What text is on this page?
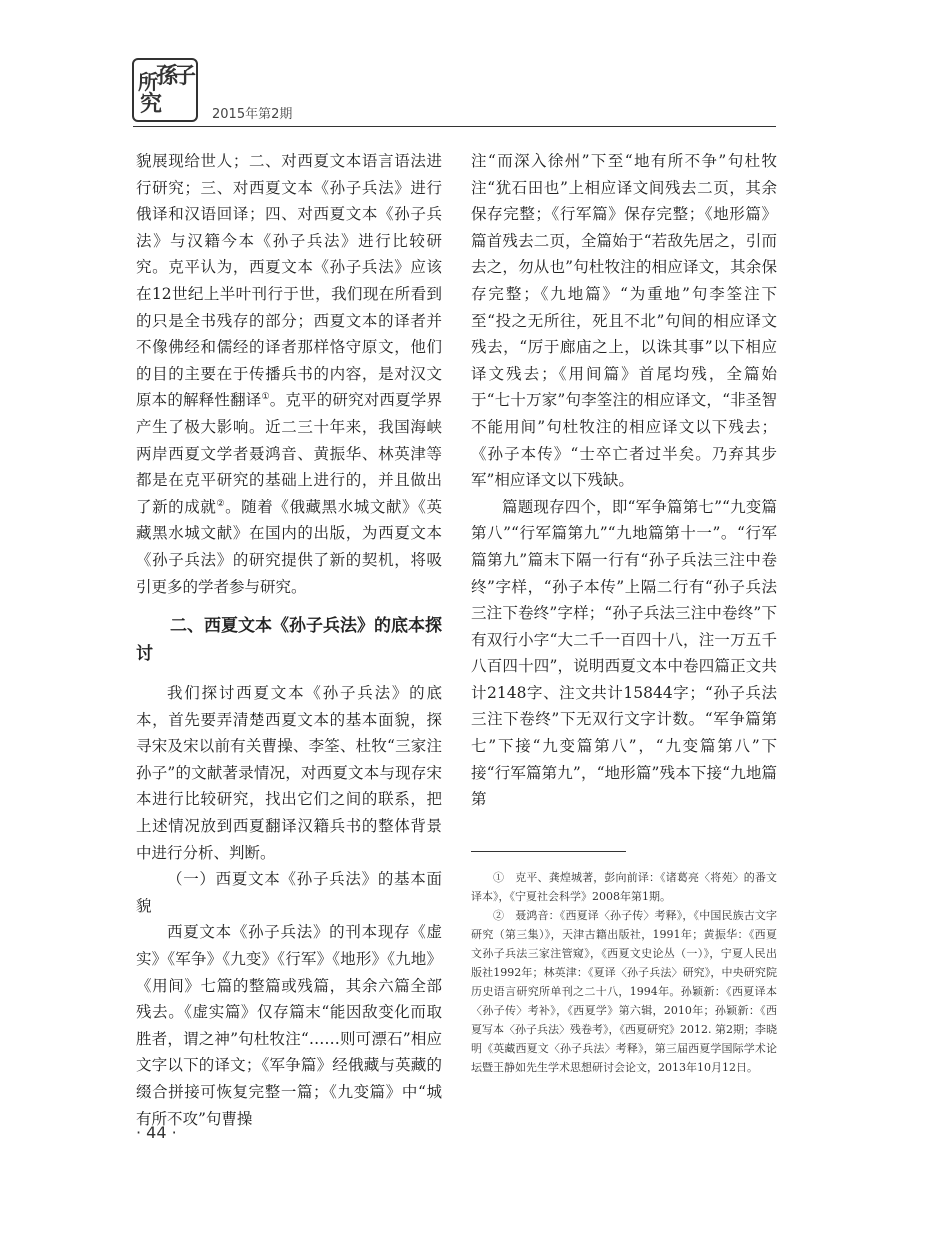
孫
子
所
究	2015年第2期

貌展现给世人；二、对西夏文本语言语法进行研究；三、对西夏文本《孙子兵法》进行俄译和汉语回译；四、对西夏文本《孙子兵法》与汉籍今本《孙子兵法》进行比较研究。克平认为，西夏文本《孙子兵法》应该在12世纪上半叶刊行于世，我们现在所看到的只是全书残存的部分；西夏文本的译者并不像佛经和儒经的译者那样恪守原文，他们的目的主要在于传播兵书的内容，是对汉文原本的解释性翻译①。克平的研究对西夏学界产生了极大影响。近二三十年来，我国海峡两岸西夏文学者聂鸿音、黄振华、林英津等都是在克平研究的基础上进行的，并且做出了新的成就②。随着《俄藏黑水城文献》《英藏黑水城文献》在国内的出版，为西夏文本《孙子兵法》的研究提供了新的契机，将吸引更多的学者参与研究。

二、西夏文本《孙子兵法》的底本探讨

我们探讨西夏文本《孙子兵法》的底本，首先要弄清楚西夏文本的基本面貌，探寻宋及宋以前有关曹操、李筌、杜牧“三家注孙子”的文献著录情况，对西夏文本与现存宋本进行比较研究，找出它们之间的联系，把上述情况放到西夏翻译汉籍兵书的整体背景中进行分析、判断。

（一）西夏文本《孙子兵法》的基本面貌

西夏文本《孙子兵法》的刊本现存《虚实》《军争》《九变》《行军》《地形》《九地》《用间》七篇的整篇或残篇，其余六篇全部残去。《虚实篇》仅存篇末“能因敌变化而取胜者，谓之神”句杜牧注“……则可漂石”相应文字以下的译文；《军争篇》经俄藏与英藏的缀合拼接可恢复完整一篇；《九变篇》中“城有所不攻”句曹操

注“而深入徐州”下至“地有所不争”句杜牧注“犹石田也”上相应译文间残去二页，其余保存完整；《行军篇》保存完整；《地形篇》篇首残去二页，全篇始于“若敌先居之，引而去之，勿从也”句杜牧注的相应译文，其余保存完整；《九地篇》“为重地”句李筌注下至“投之无所往，死且不北”句间的相应译文残去，“厉于廊庙之上，以诛其事”以下相应译文残去；《用间篇》首尾均残，全篇始于“七十万家”句李筌注的相应译文，“非圣智不能用间”句杜牧注的相应译文以下残去；《孙子本传》“士卒亡者过半矣。乃弃其步军”相应译文以下残缺。

篇题现存四个，即“军争篇第七”“九变篇第八”“行军篇第九”“九地篇第十一”。“行军篇第九”篇末下隔一行有“孙子兵法三注中卷终”字样，“孙子本传”上隔二行有“孙子兵法三注下卷终”字样；“孙子兵法三注中卷终”下有双行小字“大二千一百四十八，注一万五千八百四十四”，说明西夏文本中卷四篇正文共计2148字、注文共计15844字；“孙子兵法三注下卷终”下无双行文字计数。“军争篇第七”下接“九变篇第八”，“九变篇第八”下接“行军篇第九”，“地形篇”残本下接“九地篇第

①　克平、龚煌城著，彭向前译：《诸葛亮〈将苑〉的番文译本》，《宁夏社会科学》2008年第1期。

②　聂鸿音：《西夏译〈孙子传〉考释》，《中国民族古文字研究（第三集）》，天津古籍出版社，1991年；黄振华：《西夏文孙子兵法三家注管窥》，《西夏文史论丛（一）》，宁夏人民出版社1992年；林英津：《夏译〈孙子兵法〉研究》，中央研究院历史语言研究所单刊之二十八，1994年。孙颖新：《西夏译本〈孙子传〉考补》，《西夏学》第六辑，2010年；孙颖新：《西夏写本〈孙子兵法〉残卷考》，《西夏研究》2012. 第2期；李晓明《英藏西夏文〈孙子兵法〉考释》，第三届西夏学国际学术论坛暨王静如先生学术思想研讨会论文，2013年10月12日。

· 44 ·
